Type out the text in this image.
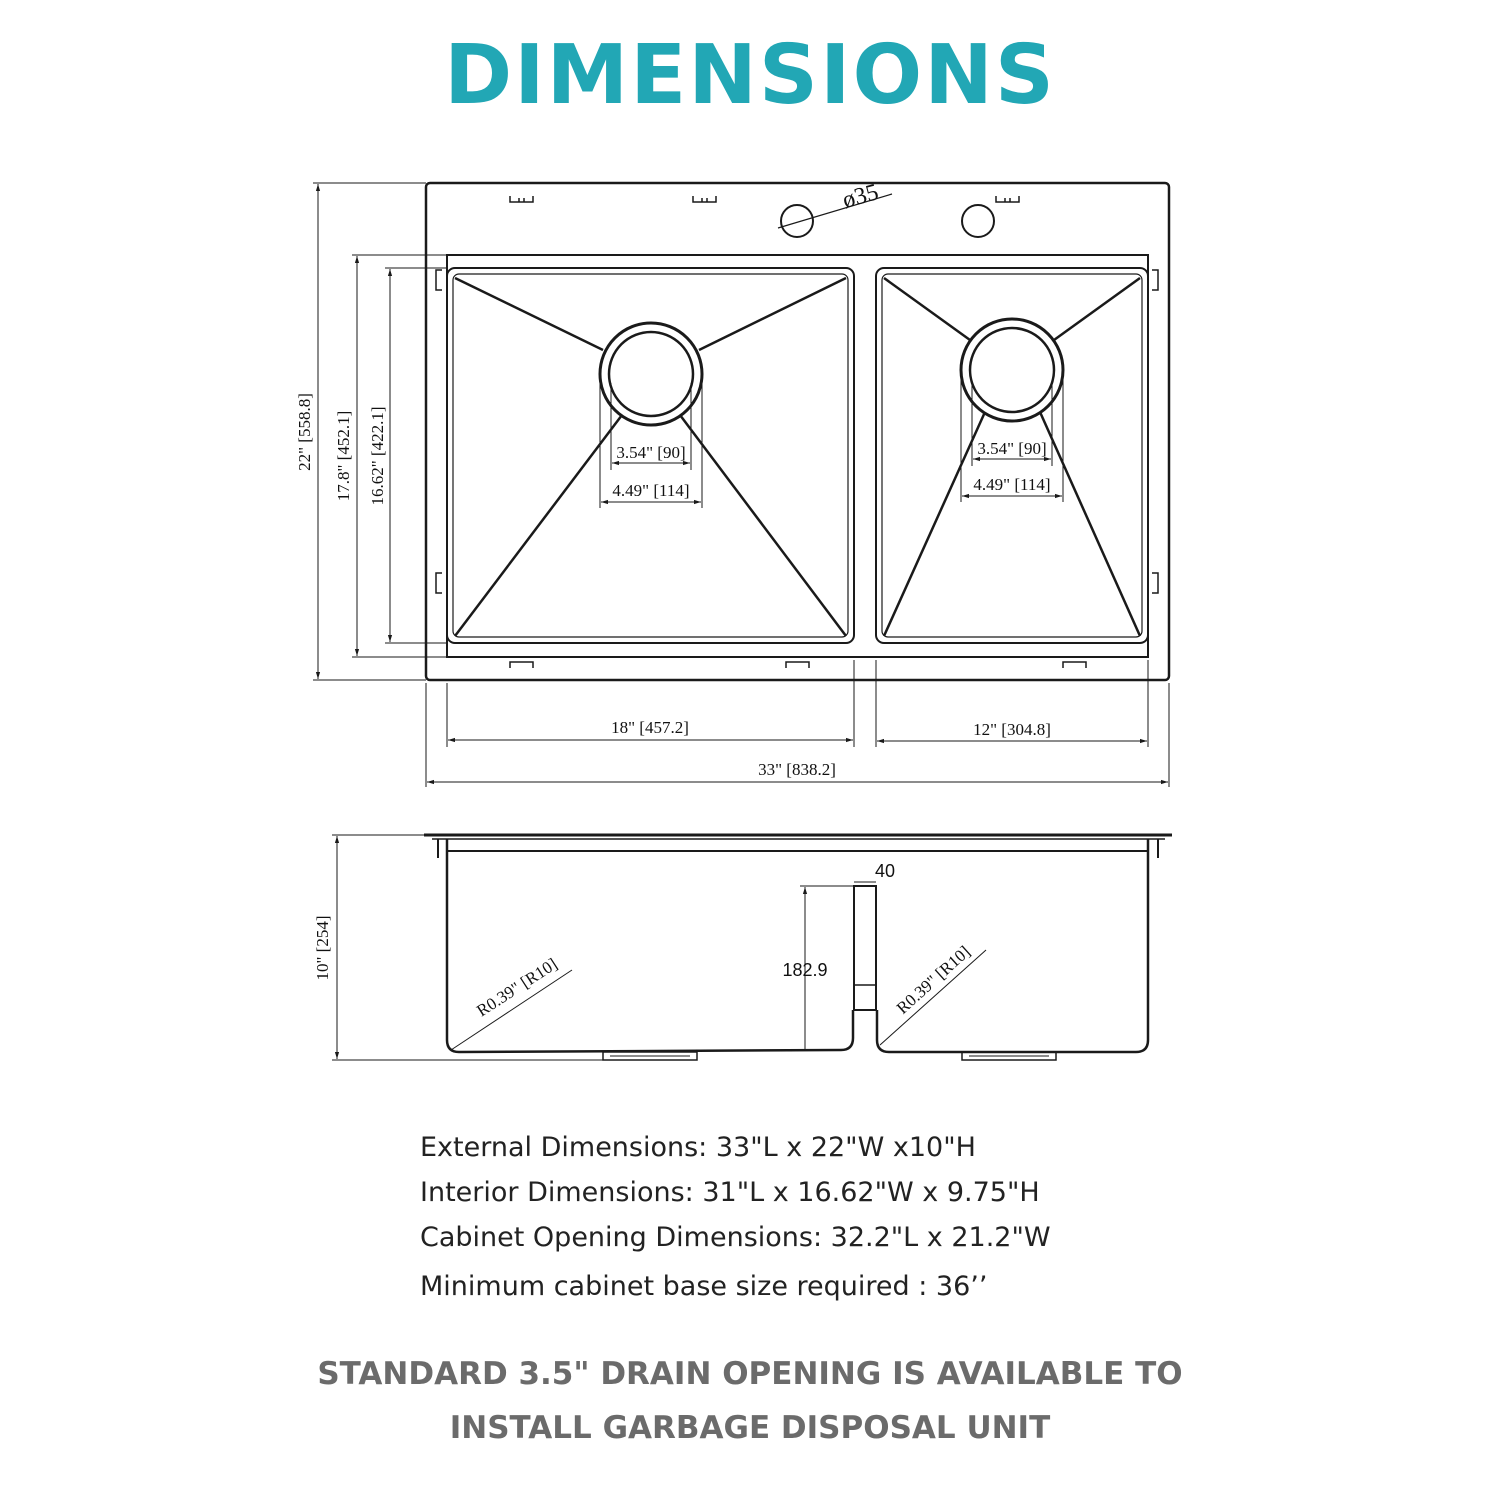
DIMENSIONS
ø35
3.54" [90]
4.49" [114]
3.54" [90]
4.49" [114]
18" [457.2]	12" [304.8]
33" [838.2]
22" [558.8] 17.8" [452.1] 16.62" [422.1]
10" [254]
40
182.9
R0.39" [R10]	R0.39" [R10]
External Dimensions: 33"L x 22"W x10"H
Interior Dimensions: 31"L x 16.62"W x 9.75"H
Cabinet Opening Dimensions: 32.2"L x 21.2"W
Minimum cabinet base size required : 36’’
STANDARD 3.5" DRAIN OPENING IS AVAILABLE TO
INSTALL GARBAGE DISPOSAL UNIT
